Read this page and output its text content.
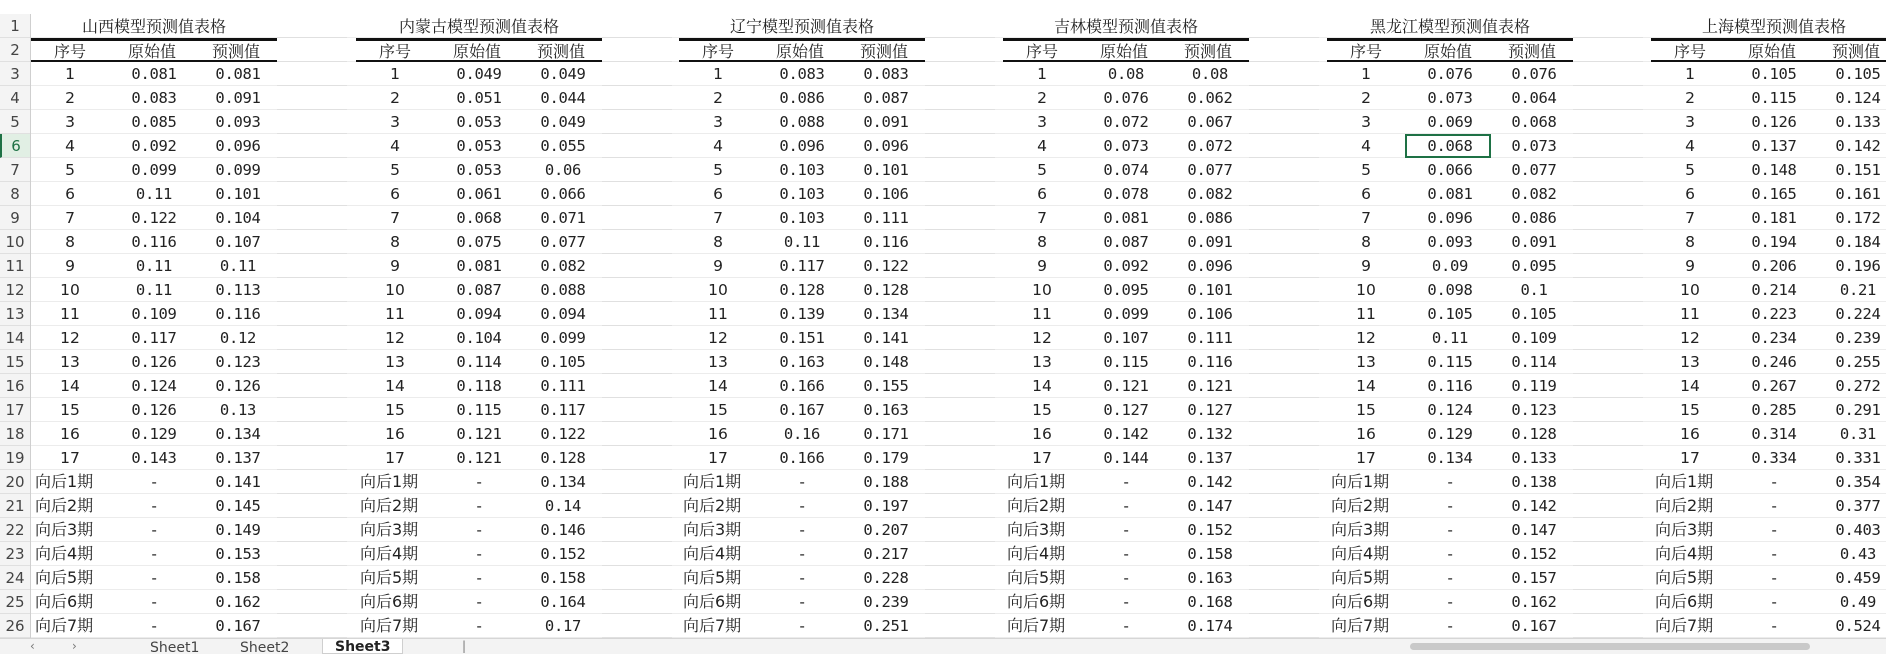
1
2
3
4
5
6
7
8
9
10
11
12
13
14
15
16
17
18
19
20
21
22
23
24
25
26
山西模型预测值表格
序号	原始值	预测值
1	0.081	0.081
2	0.083	0.091
3	0.085	0.093
4	0.092	0.096
5	0.099	0.099
6	0.11	0.101
7	0.122	0.104
8	0.116	0.107
9	0.11	0.11
10	0.11	0.113
11	0.109	0.116
12	0.117	0.12
13	0.126	0.123
14	0.124	0.126
15	0.126	0.13
16	0.129	0.134
17	0.143	0.137
向后1期	-	0.141
向后2期	-	0.145
向后3期	-	0.149
向后4期	-	0.153
向后5期	-	0.158
向后6期	-	0.162
向后7期	-	0.167
内蒙古模型预测值表格
序号	原始值	预测值
1	0.049	0.049
2	0.051	0.044
3	0.053	0.049
4	0.053	0.055
5	0.053	0.06
6	0.061	0.066
7	0.068	0.071
8	0.075	0.077
9	0.081	0.082
10	0.087	0.088
11	0.094	0.094
12	0.104	0.099
13	0.114	0.105
14	0.118	0.111
15	0.115	0.117
16	0.121	0.122
17	0.121	0.128
向后1期	-	0.134
向后2期	-	0.14
向后3期	-	0.146
向后4期	-	0.152
向后5期	-	0.158
向后6期	-	0.164
向后7期	-	0.17
辽宁模型预测值表格
序号	原始值	预测值
1	0.083	0.083
2	0.086	0.087
3	0.088	0.091
4	0.096	0.096
5	0.103	0.101
6	0.103	0.106
7	0.103	0.111
8	0.11	0.116
9	0.117	0.122
10	0.128	0.128
11	0.139	0.134
12	0.151	0.141
13	0.163	0.148
14	0.166	0.155
15	0.167	0.163
16	0.16	0.171
17	0.166	0.179
向后1期	-	0.188
向后2期	-	0.197
向后3期	-	0.207
向后4期	-	0.217
向后5期	-	0.228
向后6期	-	0.239
向后7期	-	0.251
吉林模型预测值表格
序号	原始值	预测值
1	0.08	0.08
2	0.076	0.062
3	0.072	0.067
4	0.073	0.072
5	0.074	0.077
6	0.078	0.082
7	0.081	0.086
8	0.087	0.091
9	0.092	0.096
10	0.095	0.101
11	0.099	0.106
12	0.107	0.111
13	0.115	0.116
14	0.121	0.121
15	0.127	0.127
16	0.142	0.132
17	0.144	0.137
向后1期	-	0.142
向后2期	-	0.147
向后3期	-	0.152
向后4期	-	0.158
向后5期	-	0.163
向后6期	-	0.168
向后7期	-	0.174
黑龙江模型预测值表格
序号	原始值	预测值
1	0.076	0.076
2	0.073	0.064
3	0.069	0.068
4	0.068	0.073
5	0.066	0.077
6	0.081	0.082
7	0.096	0.086
8	0.093	0.091
9	0.09	0.095
10	0.098	0.1
11	0.105	0.105
12	0.11	0.109
13	0.115	0.114
14	0.116	0.119
15	0.124	0.123
16	0.129	0.128
17	0.134	0.133
向后1期	-	0.138
向后2期	-	0.142
向后3期	-	0.147
向后4期	-	0.152
向后5期	-	0.157
向后6期	-	0.162
向后7期	-	0.167
上海模型预测值表格
序号	原始值	预测值
1	0.105	0.105
2	0.115	0.124
3	0.126	0.133
4	0.137	0.142
5	0.148	0.151
6	0.165	0.161
7	0.181	0.172
8	0.194	0.184
9	0.206	0.196
10	0.214	0.21
11	0.223	0.224
12	0.234	0.239
13	0.246	0.255
14	0.267	0.272
15	0.285	0.291
16	0.314	0.31
17	0.334	0.331
向后1期	-	0.354
向后2期	-	0.377
向后3期	-	0.403
向后4期	-	0.43
向后5期	-	0.459
向后6期	-	0.49
向后7期	-	0.524
‹	›	Sheet1	Sheet2	Sheet3	|
